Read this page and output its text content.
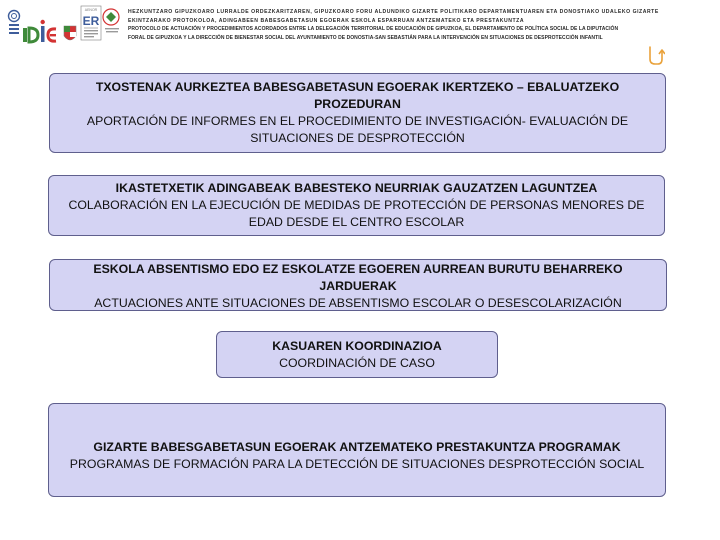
AENOR
ER
HEZKUNTZARO GIPUZKOARO LURRALDE ORDEZKARITZAREN, GIPUZKOARO FORU ALDUNDIKO GIZARTE POLITIKARO DEPARTAMENTUAREN ETA DONOSTIAKO UDALEKO GIZARTE
EKINTZARAKO PROTOKOLOA, ADINGABEEN BABESGABETASUN EGOERAK ESKOLA ESPARRUAN ANTZEMATEKO ETA PRESTAKUNTZA
PROTOCOLO DE ACTUACIÓN Y PROCEDIMIENTOS ACORDADOS ENTRE LA DELEGACIÓN TERRITORIAL DE EDUCACIÓN DE GIPUZKOA, EL DEPARTAMENTO DE POLÍTICA SOCIAL DE LA DIPUTACIÓN
FORAL DE GIPUZKOA Y LA DIRECCIÓN DE BIENESTAR SOCIAL DEL AYUNTAMIENTO DE DONOSTIA-SAN SEBASTIÁN PARA LA INTERVENCIÓN EN SITUACIONES DE DESPROTECCIÓN INFANTIL
TXOSTENAK AURKEZTEA BABESGABETASUN EGOERAK IKERTZEKO – EBALUATZEKO PROZEDURAN
APORTACIÓN DE INFORMES EN EL PROCEDIMIENTO DE INVESTIGACIÓN- EVALUACIÓN DE SITUACIONES DE DESPROTECCIÓN
IKASTETXETIK ADINGABEAK BABESTEKO NEURRIAK GAUZATZEN LAGUNTZEA
COLABORACIÓN EN LA EJECUCIÓN DE MEDIDAS DE PROTECCIÓN DE PERSONAS MENORES DE EDAD DESDE EL CENTRO ESCOLAR
ESKOLA ABSENTISMO EDO EZ ESKOLATZE EGOEREN AURREAN BURUTU BEHARREKO JARDUERAK
ACTUACIONES ANTE SITUACIONES DE ABSENTISMO ESCOLAR O DESESCOLARIZACIÓN
KASUAREN KOORDINAZIOA
COORDINACIÓN DE CASO
GIZARTE BABESGABETASUN EGOERAK ANTZEMATEKO PRESTAKUNTZA PROGRAMAK
PROGRAMAS DE FORMACIÓN PARA LA DETECCIÓN DE SITUACIONES DESPROTECCIÓN SOCIAL
